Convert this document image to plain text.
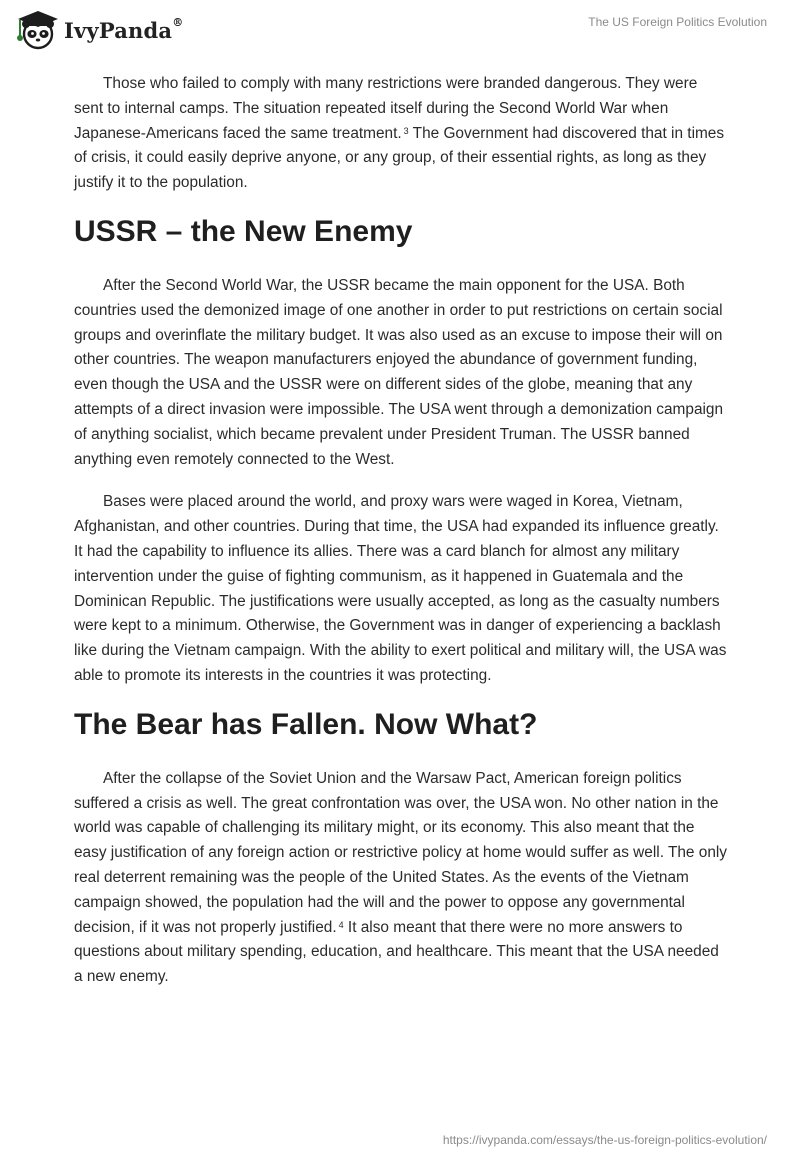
IvyPanda®	The US Foreign Politics Evolution

Those who failed to comply with many restrictions were branded dangerous. They were sent to internal camps. The situation repeated itself during the Second World War when Japanese-Americans faced the same treatment. $^3$ The Government had discovered that in times of crisis, it could easily deprive anyone, or any group, of their essential rights, as long as they justify it to the population.

USSR – the New Enemy

After the Second World War, the USSR became the main opponent for the USA. Both countries used the demonized image of one another in order to put restrictions on certain social groups and overinflate the military budget. It was also used as an excuse to impose their will on other countries. The weapon manufacturers enjoyed the abundance of government funding, even though the USA and the USSR were on different sides of the globe, meaning that any attempts of a direct invasion were impossible. The USA went through a demonization campaign of anything socialist, which became prevalent under President Truman. The USSR banned anything even remotely connected to the West.

Bases were placed around the world, and proxy wars were waged in Korea, Vietnam, Afghanistan, and other countries. During that time, the USA had expanded its influence greatly. It had the capability to influence its allies. There was a card blanch for almost any military intervention under the guise of fighting communism, as it happened in Guatemala and the Dominican Republic. The justifications were usually accepted, as long as the casualty numbers were kept to a minimum. Otherwise, the Government was in danger of experiencing a backlash like during the Vietnam campaign. With the ability to exert political and military will, the USA was able to promote its interests in the countries it was protecting.

The Bear has Fallen. Now What?

After the collapse of the Soviet Union and the Warsaw Pact, American foreign politics suffered a crisis as well. The great confrontation was over, the USA won. No other nation in the world was capable of challenging its military might, or its economy. This also meant that the easy justification of any foreign action or restrictive policy at home would suffer as well. The only real deterrent remaining was the people of the United States. As the events of the Vietnam campaign showed, the population had the will and the power to oppose any governmental decision, if it was not properly justified. $^4$ It also meant that there were no more answers to questions about military spending, education, and healthcare. This meant that the USA needed a new enemy.

https://ivypanda.com/essays/the-us-foreign-politics-evolution/
